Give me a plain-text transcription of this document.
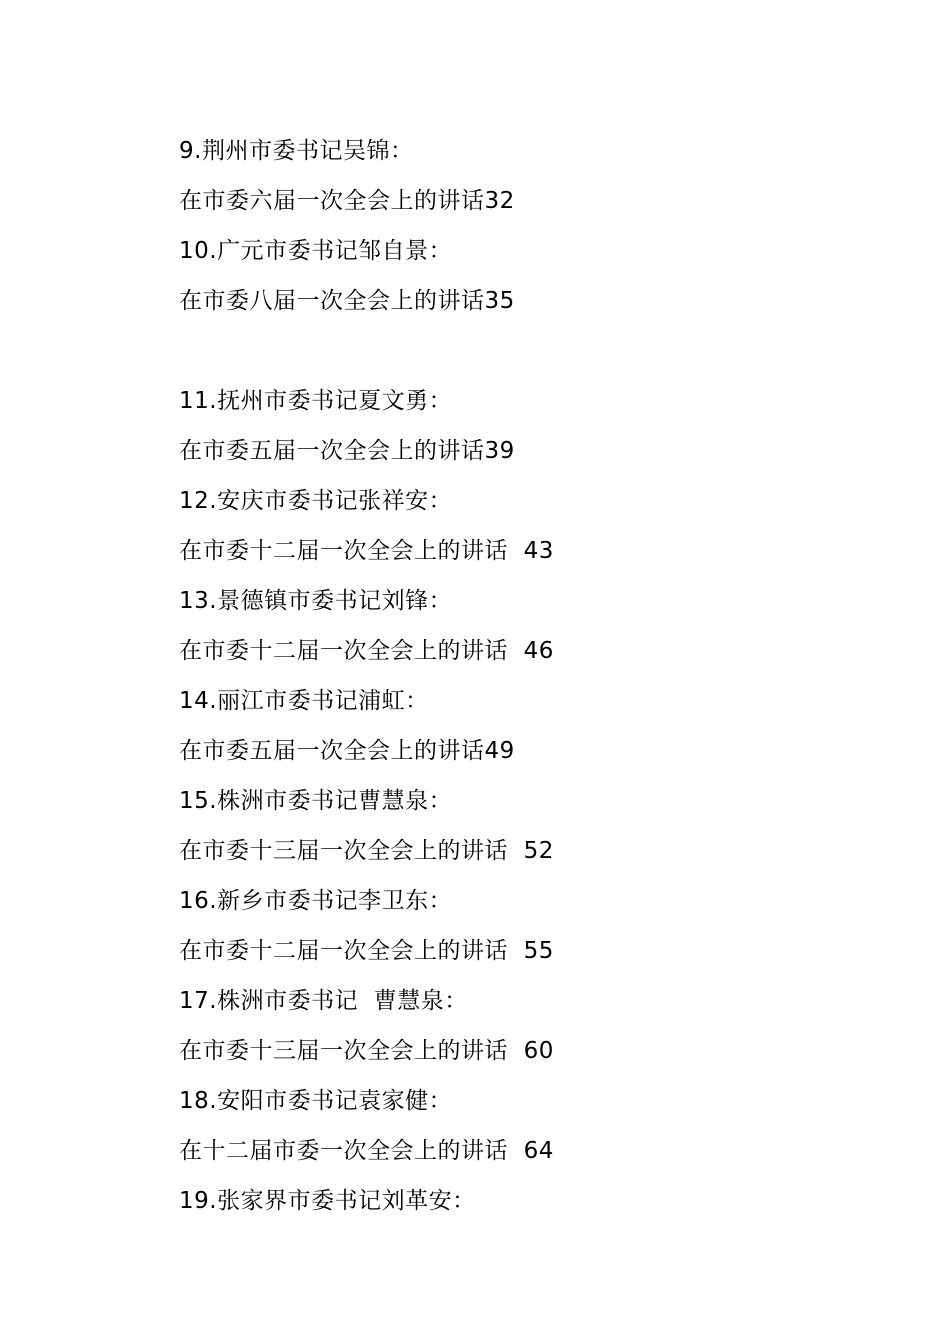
9.荆州市委书记吴锦：
在市委六届一次全会上的讲话32
10.广元市委书记邹自景：
在市委八届一次全会上的讲话35
11.抚州市委书记夏文勇：
在市委五届一次全会上的讲话39
12.安庆市委书记张祥安：
在市委十二届一次全会上的讲话  43
13.景德镇市委书记刘锋：
在市委十二届一次全会上的讲话  46
14.丽江市委书记浦虹：
在市委五届一次全会上的讲话49
15.株洲市委书记曹慧泉：
在市委十三届一次全会上的讲话  52
16.新乡市委书记李卫东：
在市委十二届一次全会上的讲话  55
17.株洲市委书记  曹慧泉：
在市委十三届一次全会上的讲话  60
18.安阳市委书记袁家健：
在十二届市委一次全会上的讲话  64
19.张家界市委书记刘革安：
